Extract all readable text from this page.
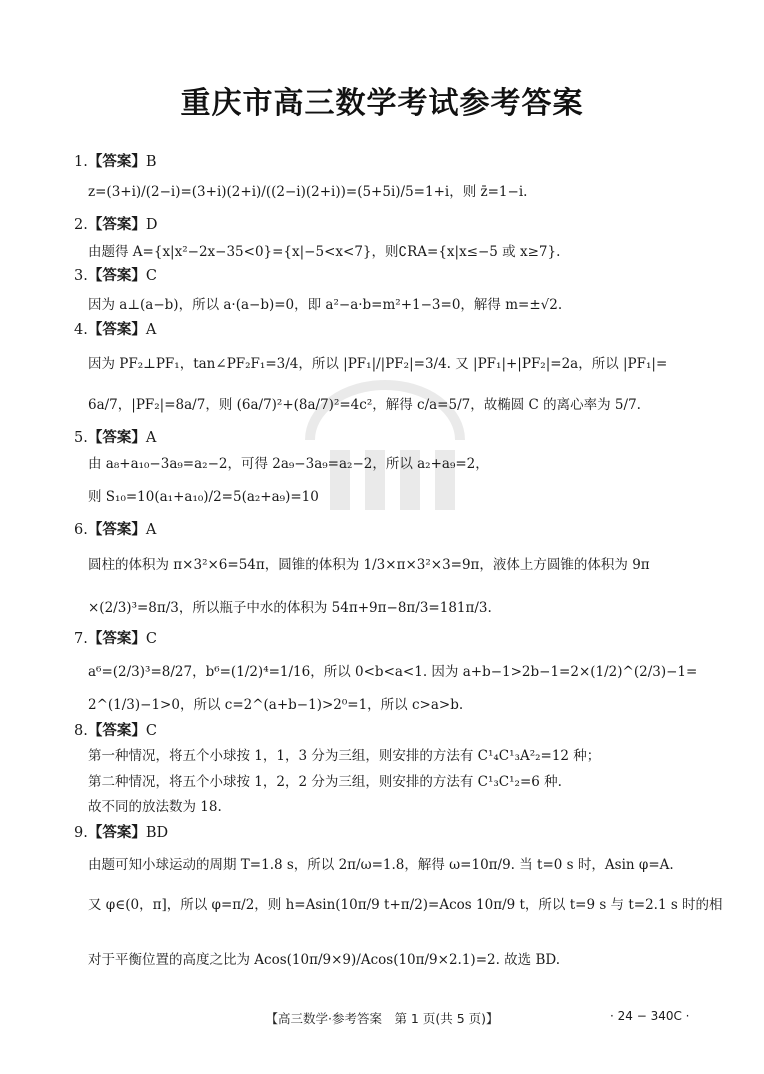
重庆市高三数学考试参考答案
1.【答案】B
z=(3+i)/(2−i)=(3+i)(2+i)/((2−i)(2+i))=(5+5i)/5=1+i，则 z̄=1−i.
2.【答案】D
由题得 A={x|x²−2x−35<0}={x|−5<x<7}，则∁RA={x|x≤−5 或 x≥7}.
3.【答案】C
因为 a⊥(a−b)，所以 a·(a−b)=0，即 a²−a·b=m²+1−3=0，解得 m=±√2.
4.【答案】A
因为 PF₂⊥PF₁，tan∠PF₂F₁=3/4，所以 |PF₁|/|PF₂|=3/4. 又 |PF₁|+|PF₂|=2a，所以 |PF₁|=
6a/7，|PF₂|=8a/7，则 (6a/7)²+(8a/7)²=4c²，解得 c/a=5/7，故椭圆 C 的离心率为 5/7.
5.【答案】A
由 a₈+a₁₀−3a₉=a₂−2，可得 2a₉−3a₉=a₂−2，所以 a₂+a₉=2，
则 S₁₀=10(a₁+a₁₀)/2=5(a₂+a₉)=10
6.【答案】A
圆柱的体积为 π×3²×6=54π，圆锥的体积为 1/3×π×3²×3=9π，液体上方圆锥的体积为 9π
×(2/3)³=8π/3，所以瓶子中水的体积为 54π+9π−8π/3=181π/3.
7.【答案】C
a⁶=(2/3)³=8/27，b⁶=(1/2)⁴=1/16，所以 0<b<a<1. 因为 a+b−1>2b−1=2×(1/2)^(2/3)−1=
2^(1/3)−1>0，所以 c=2^(a+b−1)>2⁰=1，所以 c>a>b.
8.【答案】C
第一种情况，将五个小球按 1，1，3 分为三组，则安排的方法有 C¹₄C¹₃A²₂=12 种；
第二种情况，将五个小球按 1，2，2 分为三组，则安排的方法有 C¹₃C¹₂=6 种.
故不同的放法数为 18.
9.【答案】BD
由题可知小球运动的周期 T=1.8 s，所以 2π/ω=1.8，解得 ω=10π/9. 当 t=0 s 时，Asin φ=A.
又 φ∈(0，π]，所以 φ=π/2，则 h=Asin(10π/9 t+π/2)=Acos 10π/9 t，所以 t=9 s 与 t=2.1 s 时的相
对于平衡位置的高度之比为 Acos(10π/9×9)/Acos(10π/9×2.1)=2. 故选 BD.
【高三数学·参考答案　第 1 页(共 5 页)】	· 24 − 340C ·
